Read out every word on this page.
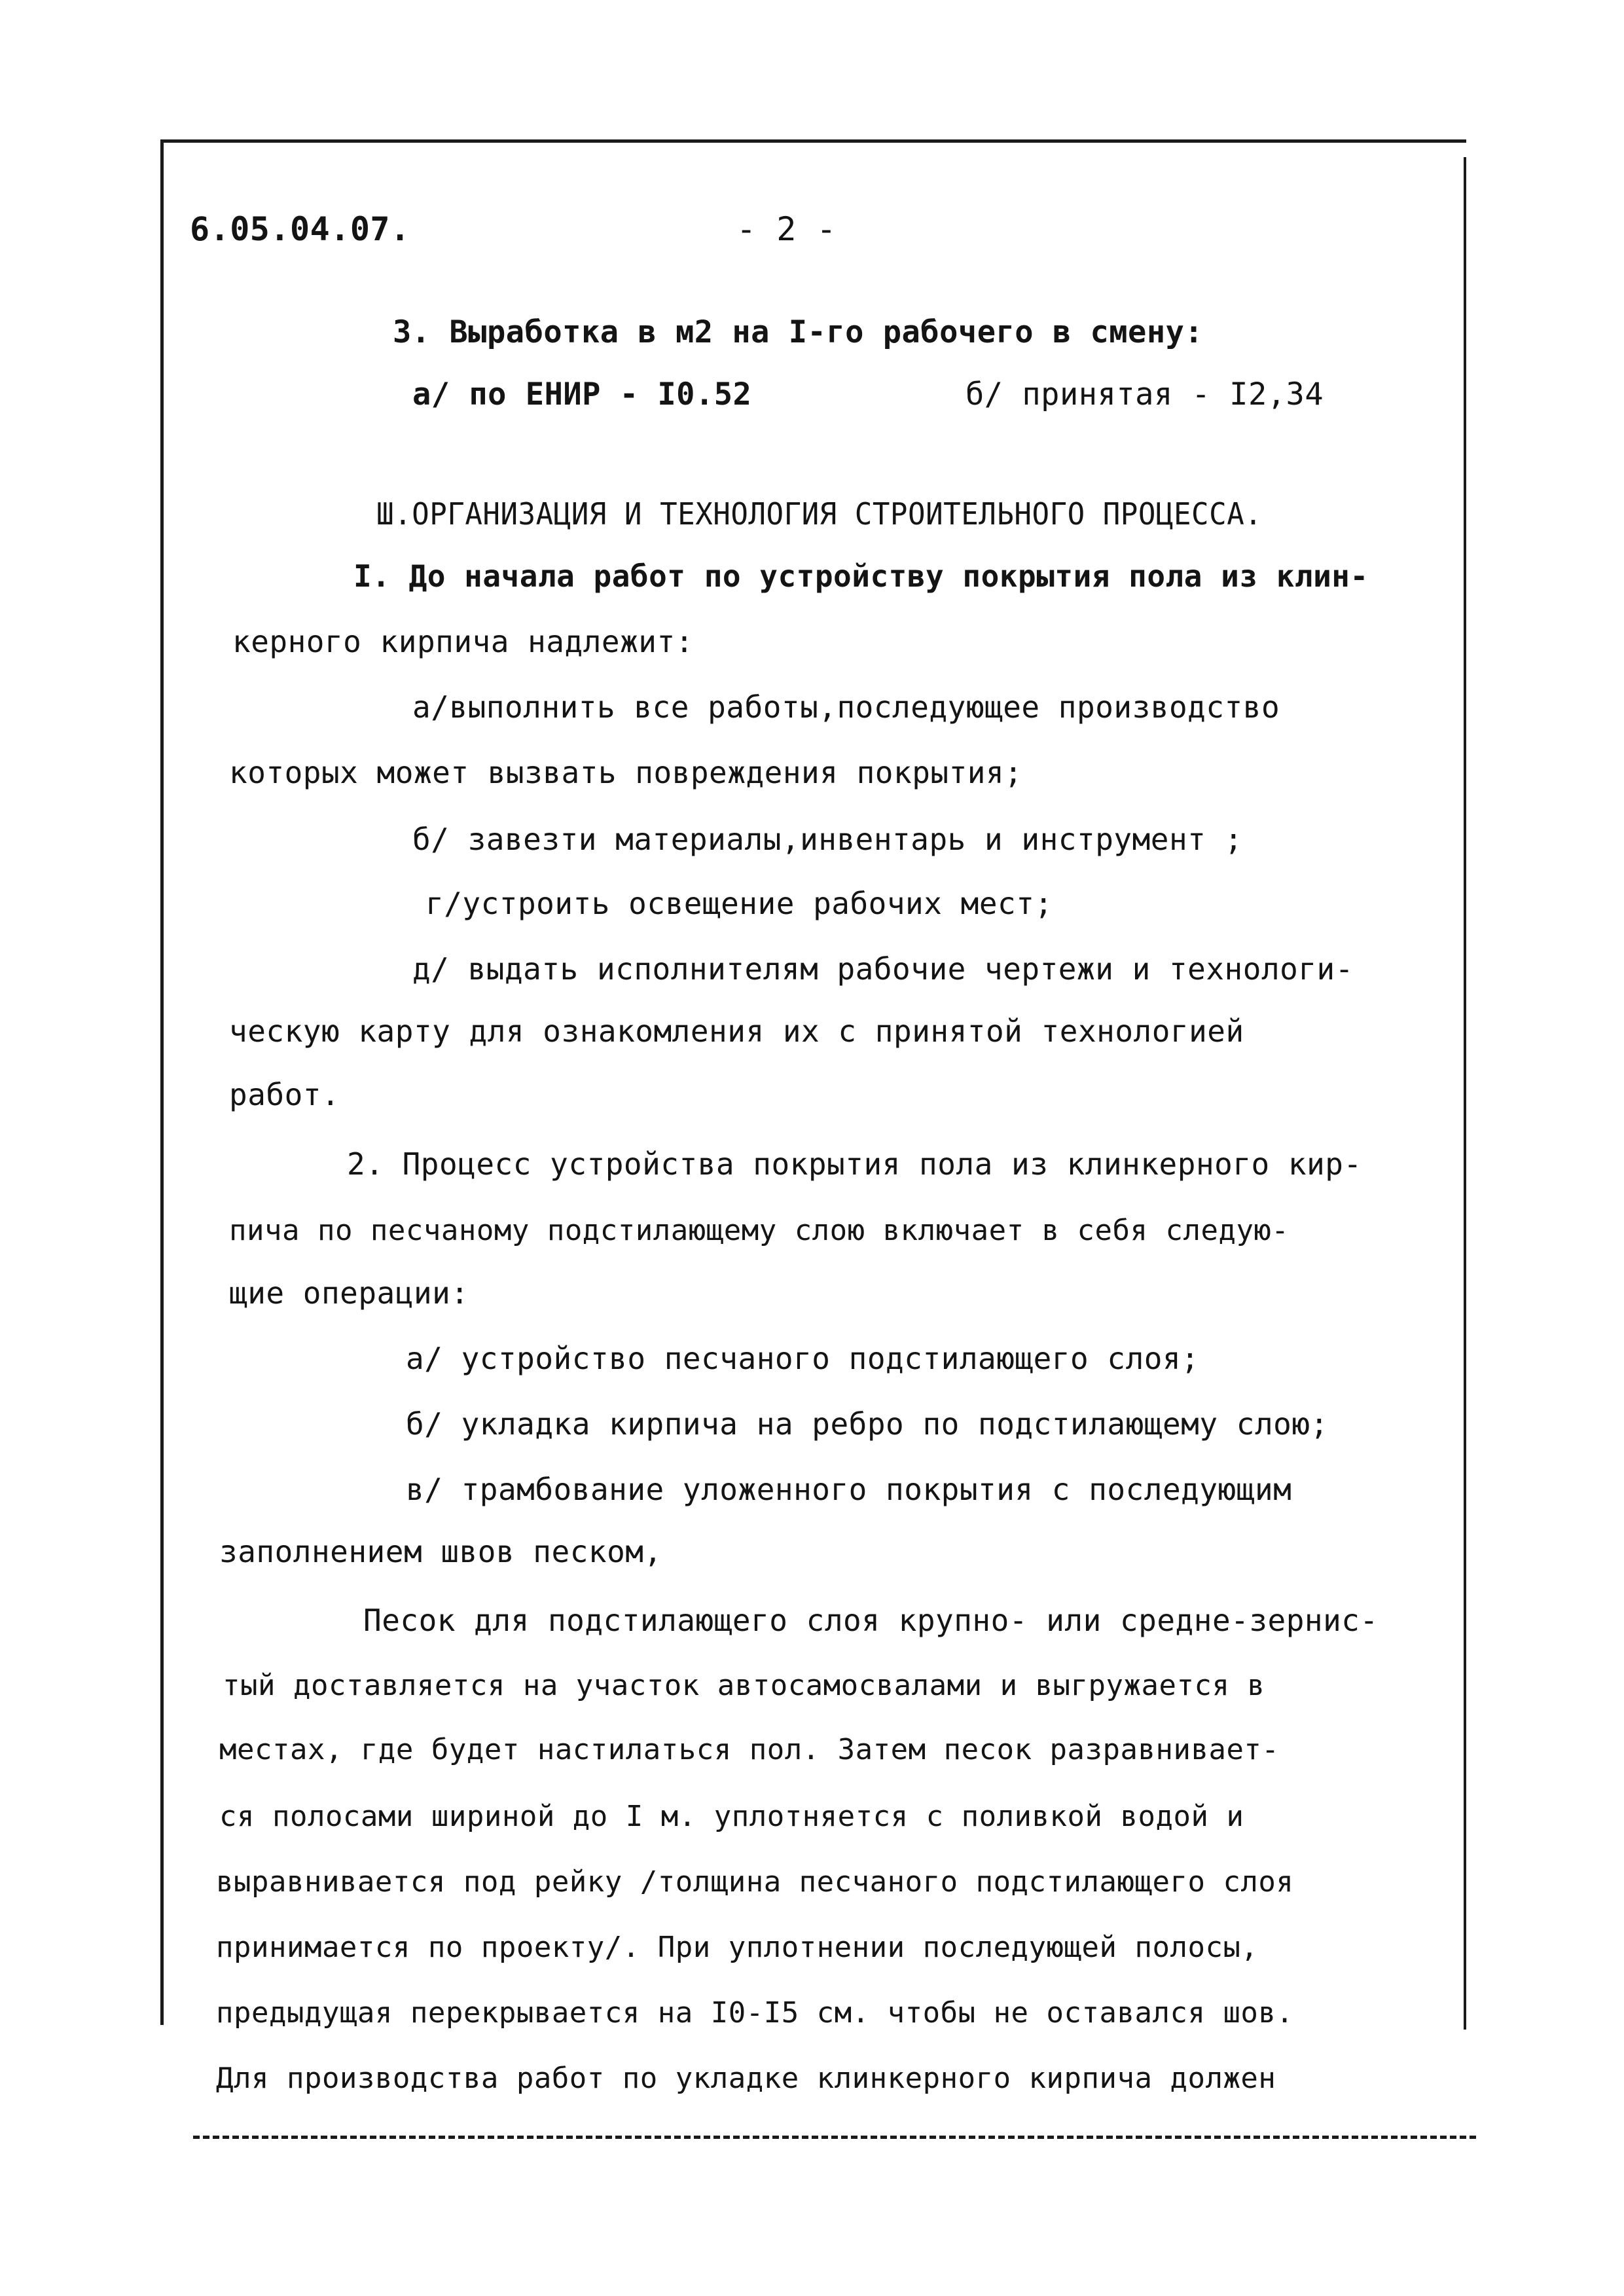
6.05.04.07.	- 2 -
3. Выработка в м2 на I-го рабочего в смену:
а/ по ЕНИР - I0.52	б/ принятая - I2,34
Ш.ОРГАНИЗАЦИЯ И ТЕХНОЛОГИЯ СТРОИТЕЛЬНОГО ПРОЦЕССА.
I. До начала работ по устройству покрытия пола из клин-
керного кирпича надлежит:
а/выполнить все работы,последующее производство
которых может вызвать повреждения покрытия;
б/ завезти материалы,инвентарь и инструмент ;
г/устроить освещение рабочих мест;
д/ выдать исполнителям рабочие чертежи и технологи-
ческую карту для ознакомления их с принятой технологией
работ.
2. Процесс устройства покрытия пола из клинкерного кир-
пича по песчаному подстилающему слою включает в себя следую-
щие операции:
а/ устройство песчаного подстилающего слоя;
б/ укладка кирпича на ребро по подстилающему слою;
в/ трамбование уложенного покрытия с последующим
заполнением швов песком,
Песок для подстилающего слоя крупно- или средне-зернис-
тый доставляется на участок автосамосвалами и выгружается в
местах, где будет настилаться пол. Затем песок разравнивает-
ся полосами шириной до I м. уплотняется с поливкой водой и
выравнивается под рейку /толщина песчаного подстилающего слоя
принимается по проекту/. При уплотнении последующей полосы,
предыдущая перекрывается на I0-I5 см. чтобы не оставался шов.
Для производства работ по укладке клинкерного кирпича должен
